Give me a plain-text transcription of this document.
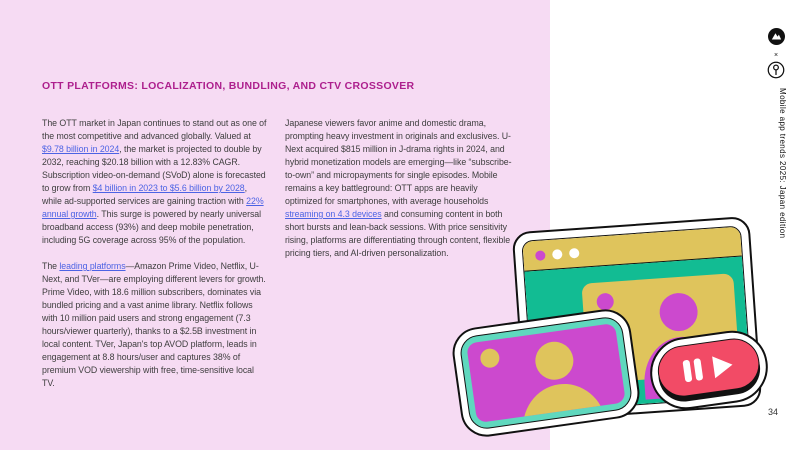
OTT PLATFORMS: LOCALIZATION, BUNDLING, AND CTV CROSSOVER

The OTT market in Japan continues to stand out as one of the most competitive and advanced globally. Valued at $9.78 billion in 2024, the market is projected to double by 2032, reaching $20.18 billion with a 12.83% CAGR. Subscription video-on-demand (SVoD) alone is forecasted to grow from $4 billion in 2023 to $5.6 billion by 2028, while ad-supported services are gaining traction with 22% annual growth. This surge is powered by nearly universal broadband access (93%) and deep mobile penetration, including 5G coverage across 95% of the population.

The leading platforms—Amazon Prime Video, Netflix, U-Next, and TVer—are employing different levers for growth. Prime Video, with 18.6 million subscribers, dominates via bundled pricing and a vast anime library. Netflix follows with 10 million paid users and strong engagement (7.3 hours/viewer quarterly), thanks to a $2.5B investment in local content. TVer, Japan's top AVOD platform, leads in engagement at 8.8 hours/user and captures 38% of premium VOD viewership with free, time-sensitive local TV.

Japanese viewers favor anime and domestic drama, prompting heavy investment in originals and exclusives. U-Next acquired $815 million in J-drama rights in 2024, and hybrid monetization models are emerging—like “subscribe-to-own” and micropayments for single episodes. Mobile remains a key battleground: OTT apps are heavily optimized for smartphones, with average households streaming on 4.3 devices and consuming content in both short bursts and lean-back sessions. With price sensitivity rising, platforms are differentiating through content, flexible pricing tiers, and AI-driven personalization.

×
Mobile app trends 2025: Japan edition
34
